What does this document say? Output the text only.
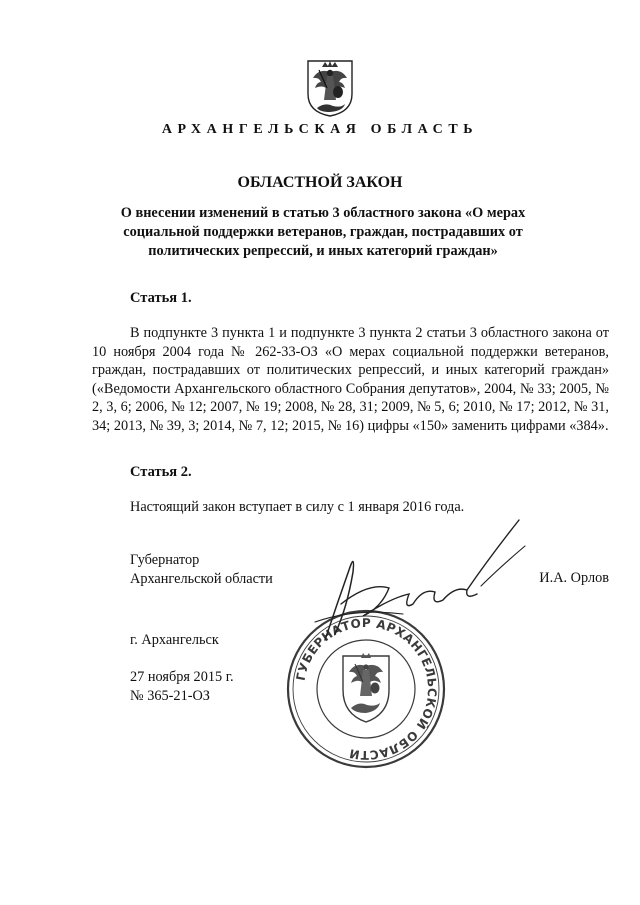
АРХАНГЕЛЬСКАЯ ОБЛАСТЬ
ОБЛАСТНОЙ ЗАКОН
О внесении изменений в статью 3 областного закона «О мерах социальной поддержки ветеранов, граждан, пострадавших от политических репрессий, и иных категорий граждан»
Статья 1.
В подпункте 3 пункта 1 и подпункте 3 пункта 2 статьи 3 областного закона от 10 ноября 2004 года № 262-33-ОЗ «О мерах социальной поддержки ветеранов, граждан, пострадавших от политических репрессий, и иных категорий граждан» («Ведомости Архангельского областного Собрания депутатов», 2004, № 33; 2005, № 2, 3, 6; 2006, № 12; 2007, № 19; 2008, № 28, 31; 2009, № 5, 6; 2010, № 17; 2012, № 31, 34; 2013, № 39, 3; 2014, № 7, 12; 2015, № 16) цифры «150» заменить цифрами «384».
Статья 2.
Настоящий закон вступает в силу с 1 января 2016 года.
Губернатор
Архангельской области	И.А. Орлов
г. Архангельск
27 ноября 2015 г.
№ 365-21-ОЗ
ГУБЕРНАТОР АРХАНГЕЛЬСКОЙ ОБЛАСТИ
